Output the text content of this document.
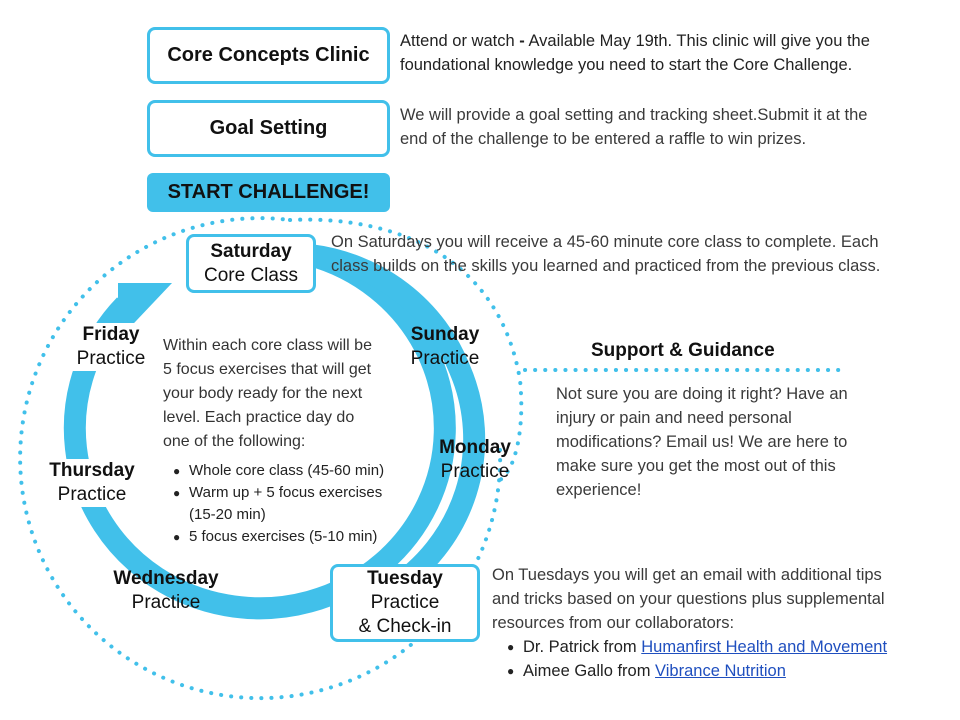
Core Concepts Clinic
Attend or watch - Available May 19th. This clinic will give you the
foundational knowledge you need to start the Core Challenge.
Goal Setting
We will provide a goal setting and tracking sheet.Submit it at the
end of the challenge to be entered a raffle to win prizes.
START CHALLENGE!
Saturday
Core Class
On Saturdays you will receive a 45-60 minute core class to complete. Each
class builds on the skills you learned and practiced from the previous class.
Sunday
Practice
Monday
Practice
Tuesday
Practice
& Check-in
Wednesday
Practice
Thursday
Practice
Friday
Practice
Within each core class will be
5 focus exercises that will get
your body ready for the next
level. Each practice day do
one of the following:
● Whole core class (45-60 min)
● Warm up + 5 focus exercises
(15-20 min)
● 5 focus exercises (5-10 min)
Support & Guidance
Not sure you are doing it right? Have an
injury or pain and need personal
modifications? Email us! We are here to
make sure you get the most out of this
experience!
On Tuesdays you will get an email with additional tips
and tricks based on your questions plus supplemental
resources from our collaborators:
● Dr. Patrick from Humanfirst Health and Movement
● Aimee Gallo from Vibrance Nutrition
